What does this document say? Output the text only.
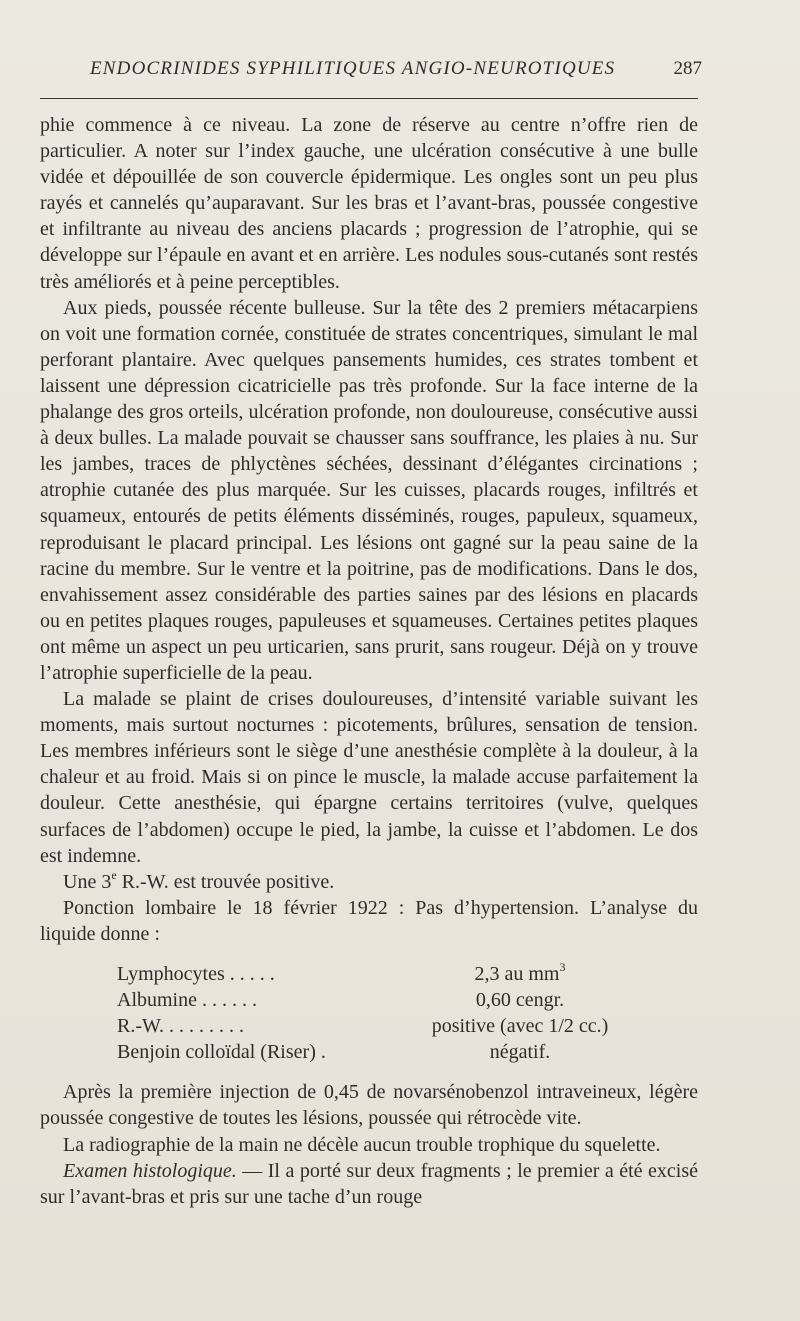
ENDOCRINIDES SYPHILITIQUES ANGIO-NEUROTIQUES	287

phie commence à ce niveau. La zone de réserve au centre n’offre rien de particulier. A noter sur l’index gauche, une ulcération consécutive à une bulle vidée et dépouillée de son couvercle épidermique. Les ongles sont un peu plus rayés et cannelés qu’auparavant. Sur les bras et l’avant-bras, poussée congestive et infiltrante au niveau des anciens placards ; progression de l’atrophie, qui se développe sur l’épaule en avant et en arrière. Les nodules sous-cutanés sont restés très améliorés et à peine perceptibles.

Aux pieds, poussée récente bulleuse. Sur la tête des 2 premiers métacarpiens on voit une formation cornée, constituée de strates concentriques, simulant le mal perforant plantaire. Avec quelques pansements humides, ces strates tombent et laissent une dépression cicatricielle pas très profonde. Sur la face interne de la phalange des gros orteils, ulcération profonde, non douloureuse, consécutive aussi à deux bulles. La malade pouvait se chausser sans souffrance, les plaies à nu. Sur les jambes, traces de phlyctènes séchées, dessinant d’élégantes circinations ; atrophie cutanée des plus marquée. Sur les cuisses, placards rouges, infiltrés et squameux, entourés de petits éléments disséminés, rouges, papuleux, squameux, reproduisant le placard principal. Les lésions ont gagné sur la peau saine de la racine du membre. Sur le ventre et la poitrine, pas de modifications. Dans le dos, envahissement assez considérable des parties saines par des lésions en placards ou en petites plaques rouges, papuleuses et squameuses. Certaines petites plaques ont même un aspect un peu urticarien, sans prurit, sans rougeur. Déjà on y trouve l’atrophie superficielle de la peau.

La malade se plaint de crises douloureuses, d’intensité variable suivant les moments, mais surtout nocturnes : picotements, brûlures, sensation de tension. Les membres inférieurs sont le siège d’une anesthésie complète à la douleur, à la chaleur et au froid. Mais si on pince le muscle, la malade accuse parfaitement la douleur. Cette anesthésie, qui épargne certains territoires (vulve, quelques surfaces de l’abdomen) occupe le pied, la jambe, la cuisse et l’abdomen. Le dos est indemne.

Une 3e R.-W. est trouvée positive.

Ponction lombaire le 18 février 1922 : Pas d’hypertension. L’analyse du liquide donne :

Lymphocytes . . . . .	2,3 au $mm^3$
Albumine . . . . . .	0,60 cengr.
R.-W. . . . . . . . .	positive (avec 1/2 cc.)
Benjoin colloïdal (Riser) .	négatif.

Après la première injection de 0,45 de novarsénobenzol intraveineux, légère poussée congestive de toutes les lésions, poussée qui rétrocède vite.

La radiographie de la main ne décèle aucun trouble trophique du squelette.

Examen histologique. — Il a porté sur deux fragments ; le premier a été excisé sur l’avant-bras et pris sur une tache d’un rouge
